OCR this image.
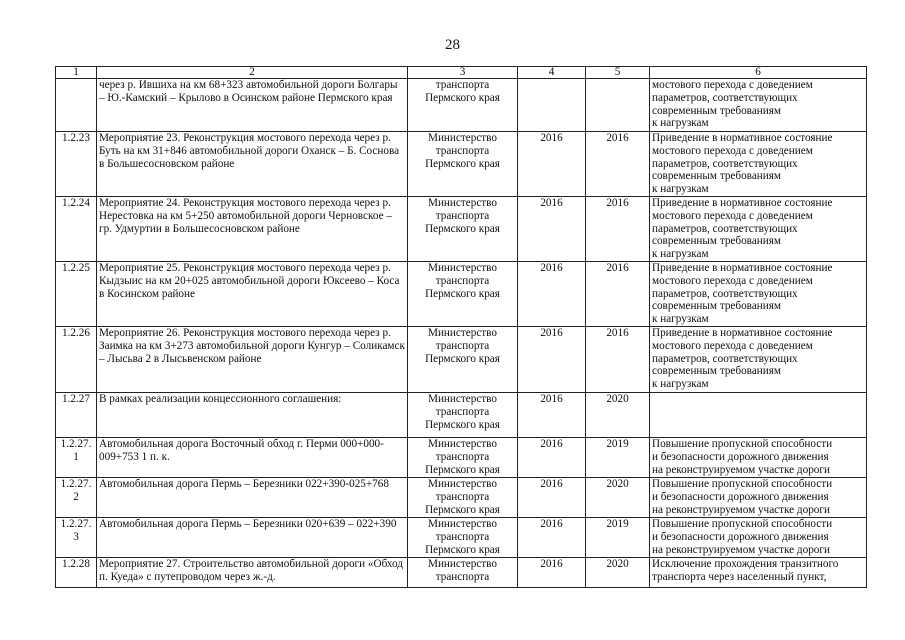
28
1	2	3	4	5	6
	через р. Ившиха на км 68+323 автомобильной дороги Болгары – Ю.-Камский – Крылово в Осинском районе Пермского края	транспорта
Пермского края			мостового перехода с доведением
параметров, соответствующих
современным требованиям
к нагрузкам
1.2.23	Мероприятие 23. Реконструкция мостового перехода через р. Буть на км 31+846 автомобильной дороги Оханск – Б. Соснова в Большесосновском районе	Министерство
транспорта
Пермского края	2016	2016	Приведение в нормативное состояние
мостового перехода с доведением
параметров, соответствующих
современным требованиям
к нагрузкам
1.2.24	Мероприятие 24. Реконструкция мостового перехода через р. Нерестовка на км 5+250 автомобильной дороги Черновское – гр. Удмуртии в Большесосновском районе	Министерство
транспорта
Пермского края	2016	2016	Приведение в нормативное состояние
мостового перехода с доведением
параметров, соответствующих
современным требованиям
к нагрузкам
1.2.25	Мероприятие 25. Реконструкция мостового перехода через р. Кыдзыис на км 20+025 автомобильной дороги Юксеево – Коса в Косинском районе	Министерство
транспорта
Пермского края	2016	2016	Приведение в нормативное состояние
мостового перехода с доведением
параметров, соответствующих
современным требованиям
к нагрузкам
1.2.26	Мероприятие 26. Реконструкция мостового перехода через р. Заимка на км 3+273 автомобильной дороги Кунгур – Соликамск – Лысьва 2 в Лысьвенском районе	Министерство
транспорта
Пермского края	2016	2016	Приведение в нормативное состояние
мостового перехода с доведением
параметров, соответствующих
современным требованиям
к нагрузкам
1.2.27	В рамках реализации концессионного соглашения:	Министерство
транспорта
Пермского края	2016	2020	
1.2.27.1	Автомобильная дорога Восточный обход г. Перми 000+000-009+753 1 п. к.	Министерство
транспорта
Пермского края	2016	2019	Повышение пропускной способности
и безопасности дорожного движения
на реконструируемом участке дороги
1.2.27.2	Автомобильная дорога Пермь – Березники 022+390-025+768	Министерство
транспорта
Пермского края	2016	2020	Повышение пропускной способности
и безопасности дорожного движения
на реконструируемом участке дороги
1.2.27.3	Автомобильная дорога Пермь – Березники 020+639 – 022+390	Министерство
транспорта
Пермского края	2016	2019	Повышение пропускной способности
и безопасности дорожного движения
на реконструируемом участке дороги
1.2.28	Мероприятие 27. Строительство автомобильной дороги «Обход п. Куеда» с путепроводом через ж.-д.	Министерство
транспорта	2016	2020	Исключение прохождения транзитного
транспорта через населенный пункт,
